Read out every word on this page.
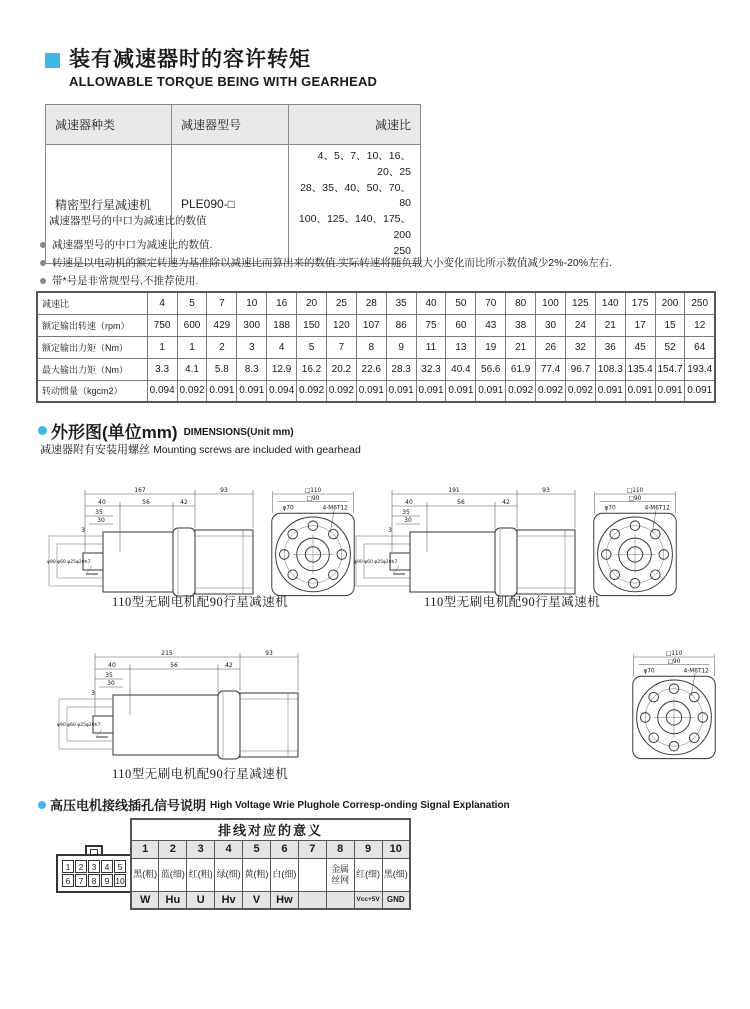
装有减速器时的容许转矩
ALLOWABLE TORQUE BEING WITH GEARHEAD
减速器种类	减速器型号	减速比
精密型行星减速机	PLE090-□	4、5、7、10、16、20、25
28、35、40、50、70、80
100、125、140、175、200
250
减速器型号的中口为减速比的数值
减速器型号的中口为减速比的数值.
转速是以电动机的额定转速为基准除以减速比而算出来的数值.实际转速将随负载大小变化而比所示数值减少2%-20%左右.
带*号是非常规型号,不推荐使用.
减速比	4	5	7	10	16	20	25	28	35	40	50	70	80	100	125	140	175	200	250
额定输出转速（rpm）	750	600	429	300	188	150	120	107	86	75	60	43	38	30	24	21	17	15	12
额定输出力矩（Nm）	1	1	2	3	4	5	7	8	9	11	13	19	21	26	32	36	45	52	64
最大输出力矩（Nm）	3.3	4.1	5.8	8.3	12.9	16.2	20.2	22.6	28.3	32.3	40.4	56.6	61.9	77.4	96.7	108.3	135.4	154.7	193.4
转动惯量（kgcm2）	0.094	0.092	0.091	0.091	0.094	0.092	0.092	0.091	0.091	0.091	0.091	0.091	0.092	0.092	0.092	0.091	0.091	0.091	0.091
外形图(单位mm) DIMENSIONS(Unit mm)
减速器附有安装用螺丝 Mounting screws are included with gearhead
167	93
40	56	42
35
30
3
φ90 φ60 φ25φ20h7
□110
□90
φ70	4-M6T12
110型无刷电机配90行星减速机
191	93
40	56	42
35
30
3
φ90 φ60 φ25φ20h7
□110
□90
φ70	4-M6T12
110型无刷电机配90行星减速机
215	93
40	56	42
35
30
3
φ90 φ60 φ25φ20h7
□110
□90
φ70	4-M6T12
110型无刷电机配90行星减速机
高压电机接线插孔信号说明 High Voltage Wrie Plughole Corresp-onding Signal Explanation
1 2 3 4 5
6 7 8 9 10
排线对应的意义									
1	2	3	4	5	6	7	8	9	10
黑(粗)	蓝(细)	红(粗)	绿(细)	黄(粗)	白(细)		金属丝网	红(细)	黑(细)
W	Hu	U	Hv	V	Hw			Vcc+5V	GND
